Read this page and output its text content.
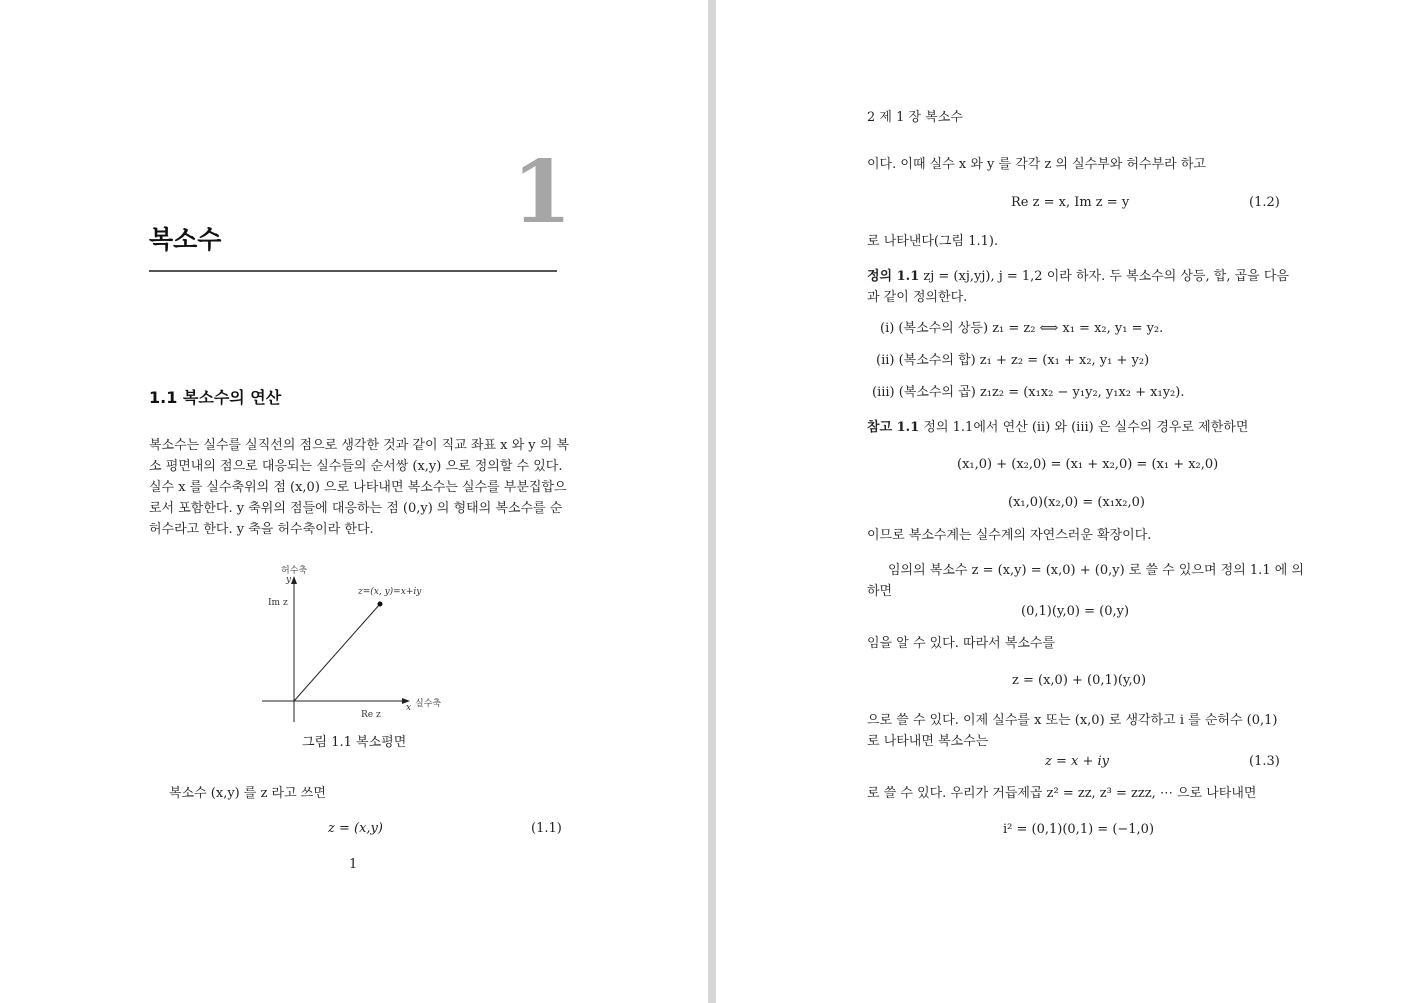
1
복소수
1.1 복소수의 연산
복소수는 실수를 실직선의 점으로 생각한 것과 같이 직교 좌표 x 와 y 의 복
소 평면내의 점으로 대응되는 실수들의 순서쌍 (x,y) 으로 정의할 수 있다.
실수 x 를 실수축위의 점 (x,0) 으로 나타내면 복소수는 실수를 부분집합으
로서 포함한다. y 축위의 점들에 대응하는 점 (0,y) 의 형태의 복소수를 순
허수라고 한다. y 축을 허수축이라 한다.
허수축
y
Im z
z=(x, y)=x+iy
실수축
x
Re z
그림 1.1 복소평면
복소수 (x,y) 를 z 라고 쓰면
z = (x,y)	(1.1)
1
2 제 1 장 복소수
이다. 이때 실수 x 와 y 를 각각 z 의 실수부와 허수부라 하고
Re z = x, Im z = y	(1.2)
로 나타낸다(그림 1.1).
정의 1.1 zj = (xj,yj), j = 1,2 이라 하자. 두 복소수의 상등, 합, 곱을 다음
과 같이 정의한다.
(i) (복소수의 상등) z₁ = z₂ ⟺ x₁ = x₂, y₁ = y₂.
(ii) (복소수의 합) z₁ + z₂ = (x₁ + x₂, y₁ + y₂)
(iii) (복소수의 곱) z₁z₂ = (x₁x₂ − y₁y₂, y₁x₂ + x₁y₂).
참고 1.1 정의 1.1에서 연산 (ii) 와 (iii) 은 실수의 경우로 제한하면
(x₁,0) + (x₂,0) = (x₁ + x₂,0) = (x₁ + x₂,0)
(x₁,0)(x₂,0) = (x₁x₂,0)
이므로 복소수계는 실수계의 자연스러운 확장이다.
임의의 복소수 z = (x,y) = (x,0) + (0,y) 로 쓸 수 있으며 정의 1.1 에 의
하면
(0,1)(y,0) = (0,y)
임을 알 수 있다. 따라서 복소수를
z = (x,0) + (0,1)(y,0)
으로 쓸 수 있다. 이제 실수를 x 또는 (x,0) 로 생각하고 i 를 순허수 (0,1)
로 나타내면 복소수는
z = x + iy	(1.3)
로 쓸 수 있다. 우리가 거듭제곱 z² = zz, z³ = zzz, ⋯ 으로 나타내면
i² = (0,1)(0,1) = (−1,0)
